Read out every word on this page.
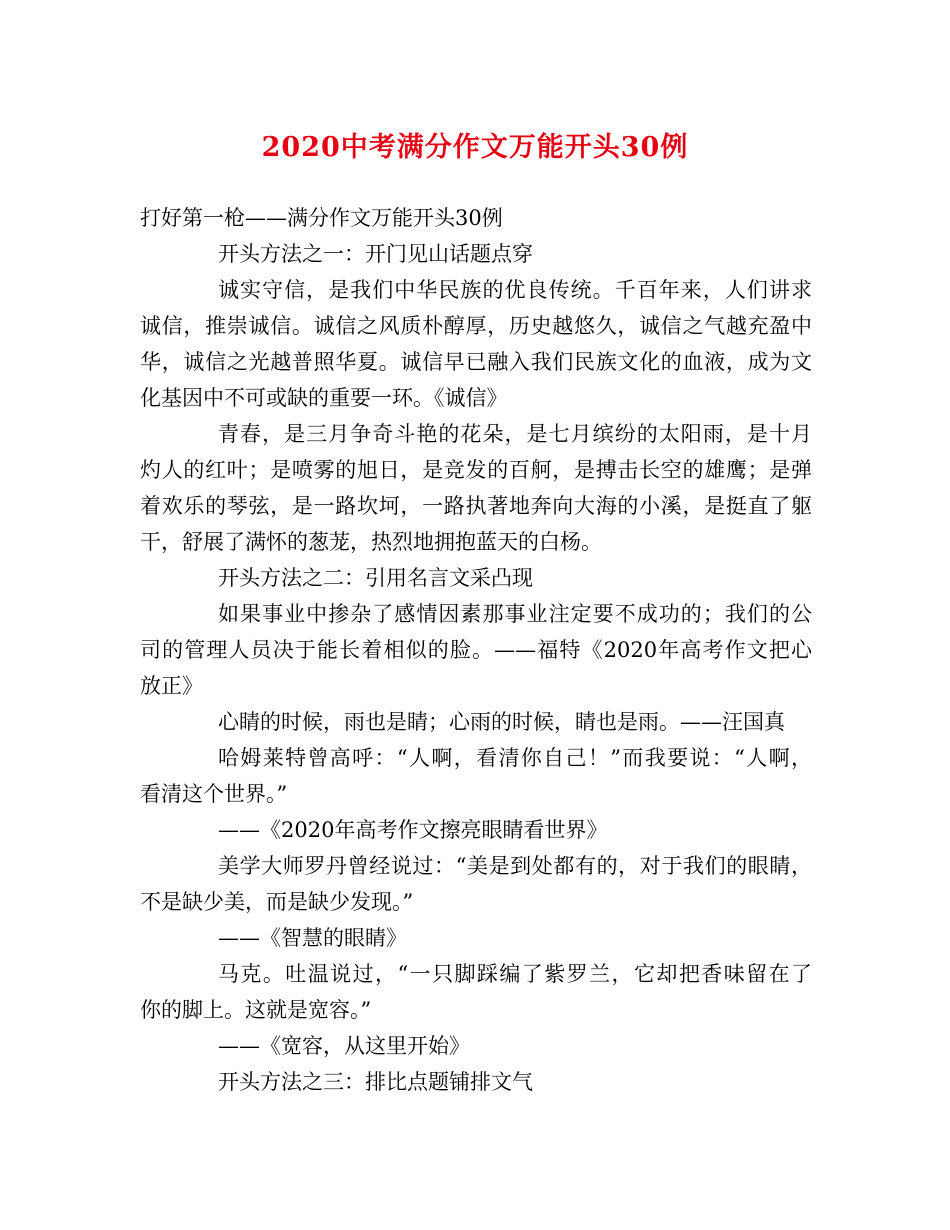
2020中考满分作文万能开头30例

打好第一枪——满分作文万能开头30例

开头方法之一：开门见山话题点穿

诚实守信，是我们中华民族的优良传统。千百年来，人们讲求

诚信，推崇诚信。诚信之风质朴醇厚，历史越悠久，诚信之气越充盈中

华，诚信之光越普照华夏。诚信早已融入我们民族文化的血液，成为文

化基因中不可或缺的重要一环。《诚信》

青春，是三月争奇斗艳的花朵，是七月缤纷的太阳雨，是十月

灼人的红叶；是喷雾的旭日，是竞发的百舸，是搏击长空的雄鹰；是弹

着欢乐的琴弦，是一路坎坷，一路执著地奔向大海的小溪，是挺直了躯

干，舒展了满怀的葱茏，热烈地拥抱蓝天的白杨。

开头方法之二：引用名言文采凸现

如果事业中掺杂了感情因素那事业注定要不成功的；我们的公

司的管理人员决于能长着相似的脸。——福特《2020年高考作文把心

放正》

心睛的时候，雨也是睛；心雨的时候，睛也是雨。——汪国真

哈姆莱特曾高呼：“人啊，看清你自己！”而我要说：“人啊，

看清这个世界。”

——《2020年高考作文擦亮眼睛看世界》

美学大师罗丹曾经说过：“美是到处都有的，对于我们的眼睛，

不是缺少美，而是缺少发现。”

——《智慧的眼睛》

马克。吐温说过，“一只脚踩编了紫罗兰，它却把香味留在了

你的脚上。这就是宽容。”

——《宽容，从这里开始》

开头方法之三：排比点题铺排文气
